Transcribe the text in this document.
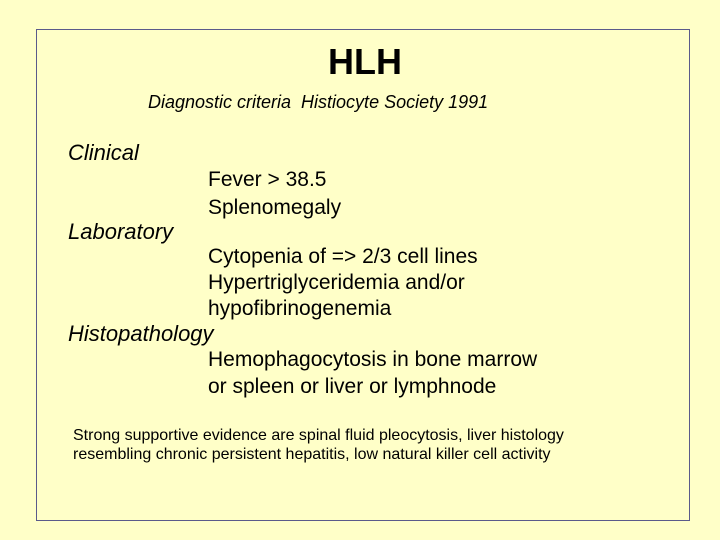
HLH
Diagnostic criteria  Histiocyte Society 1991
Clinical
Fever > 38.5
Splenomegaly
Laboratory
Cytopenia of => 2/3 cell lines
Hypertriglyceridemia and/or
hypofibrinogenemia
Histopathology
Hemophagocytosis in bone marrow
or spleen or liver or lymphnode
Strong supportive evidence are spinal fluid pleocytosis, liver histology
resembling chronic persistent hepatitis, low natural killer cell activity
